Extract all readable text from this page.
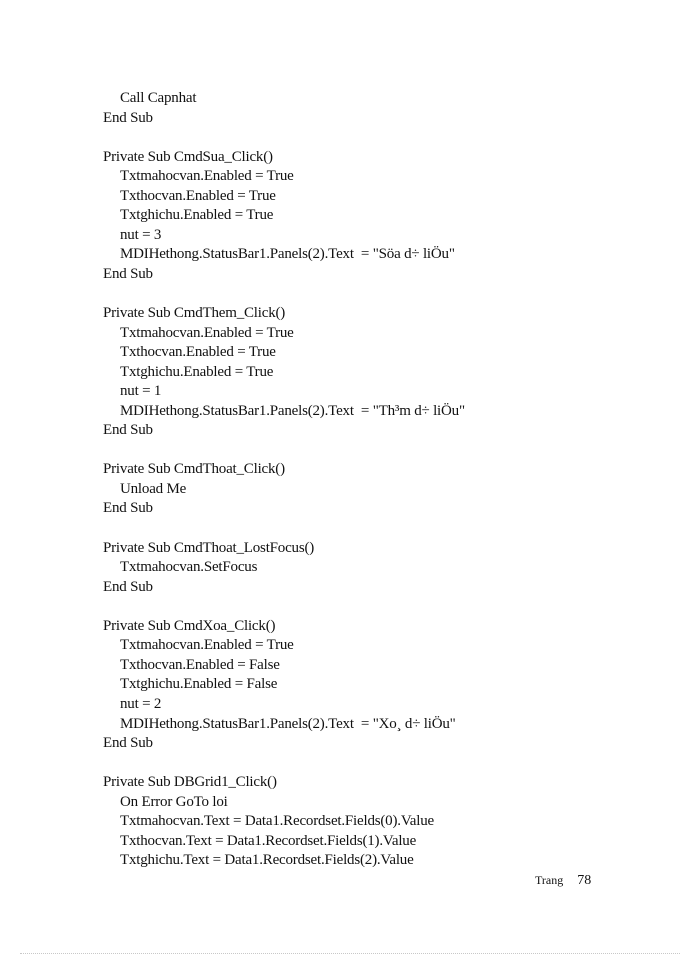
Call Capnhat
End Sub
Private Sub CmdSua_Click()
Txtmahocvan.Enabled = True
Txthocvan.Enabled = True
Txtghichu.Enabled = True
nut = 3
MDIHethong.StatusBar1.Panels(2).Text  = "Söa d÷ liÖu"
End Sub
Private Sub CmdThem_Click()
Txtmahocvan.Enabled = True
Txthocvan.Enabled = True
Txtghichu.Enabled = True
nut = 1
MDIHethong.StatusBar1.Panels(2).Text  = "Th³m d÷ liÖu"
End Sub
Private Sub CmdThoat_Click()
Unload Me
End Sub
Private Sub CmdThoat_LostFocus()
Txtmahocvan.SetFocus
End Sub
Private Sub CmdXoa_Click()
Txtmahocvan.Enabled = True
Txthocvan.Enabled = False
Txtghichu.Enabled = False
nut = 2
MDIHethong.StatusBar1.Panels(2).Text  = "Xo¸ d÷ liÖu"
End Sub
Private Sub DBGrid1_Click()
On Error GoTo loi
Txtmahocvan.Text = Data1.Recordset.Fields(0).Value
Txthocvan.Text = Data1.Recordset.Fields(1).Value
Txtghichu.Text = Data1.Recordset.Fields(2).Value
Trang 78
